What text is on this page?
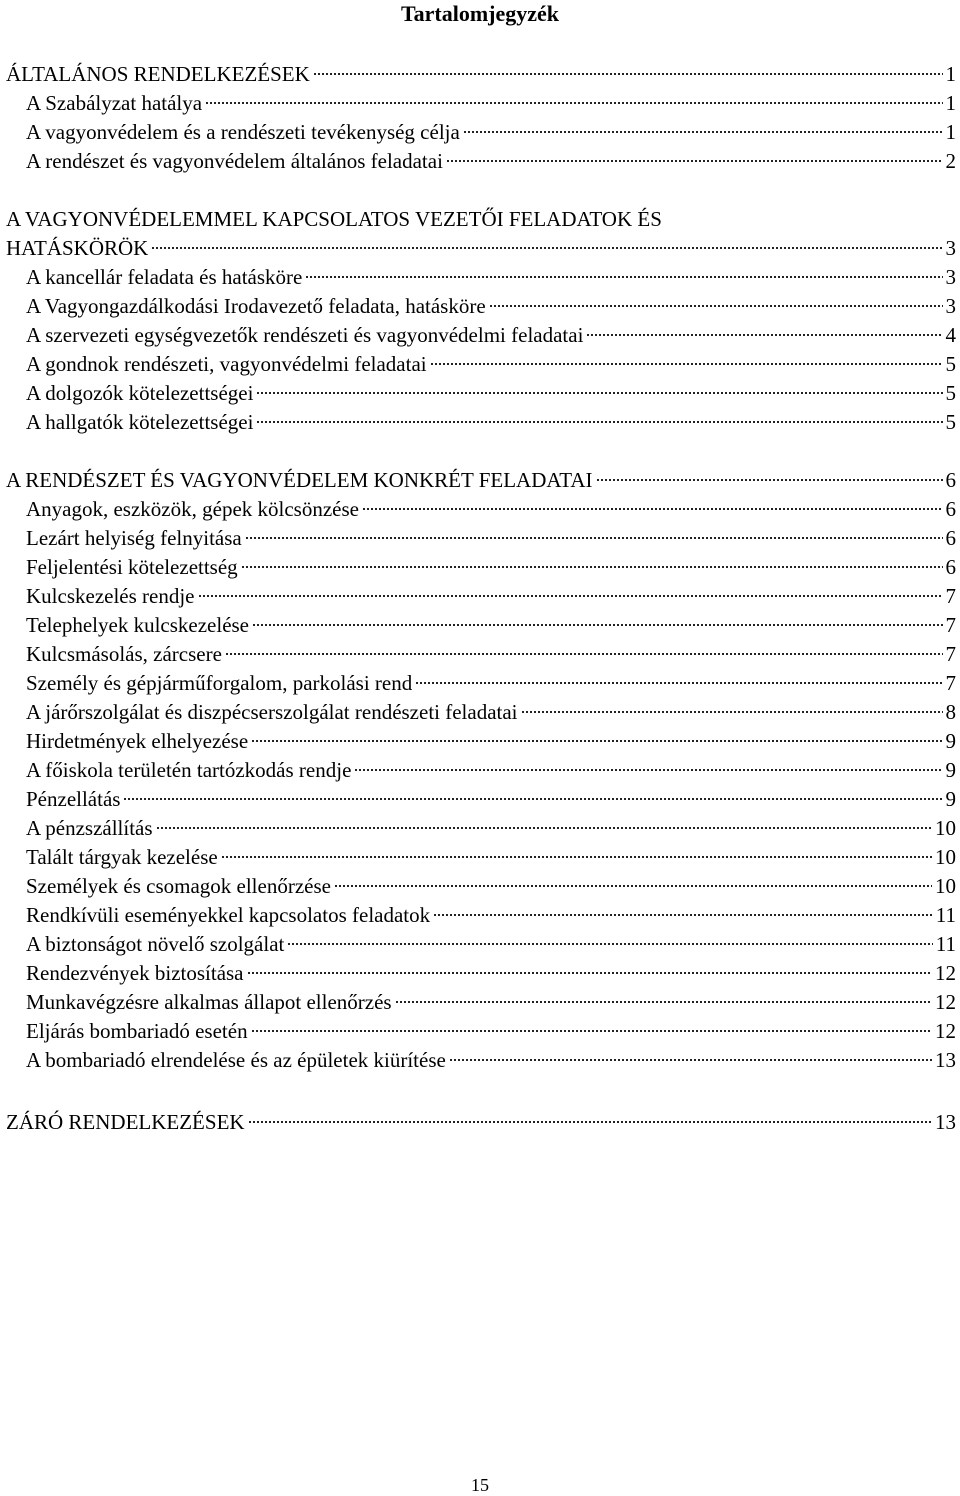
Tartalomjegyzék
ÁLTALÁNOS RENDELKEZÉSEK	1
A Szabályzat hatálya	1
A vagyonvédelem és a rendészeti tevékenység célja	1
A rendészet és vagyonvédelem általános feladatai	2
A VAGYONVÉDELEMMEL KAPCSOLATOS VEZETŐI FELADATOK ÉS
HATÁSKÖRÖK	3
A kancellár feladata és hatásköre	3
A Vagyongazdálkodási Irodavezető feladata, hatásköre	3
A szervezeti egységvezetők rendészeti és vagyonvédelmi feladatai	4
A gondnok rendészeti, vagyonvédelmi feladatai	5
A dolgozók kötelezettségei	5
A hallgatók kötelezettségei	5
A RENDÉSZET ÉS VAGYONVÉDELEM KONKRÉT FELADATAI	6
Anyagok, eszközök, gépek kölcsönzése	6
Lezárt helyiség felnyitása	6
Feljelentési kötelezettség	6
Kulcskezelés rendje	7
Telephelyek kulcskezelése	7
Kulcsmásolás, zárcsere	7
Személy és gépjárműforgalom, parkolási rend	7
A járőrszolgálat és diszpécserszolgálat rendészeti feladatai	8
Hirdetmények elhelyezése	9
A főiskola területén tartózkodás rendje	9
Pénzellátás	9
A pénzszállítás	10
Talált tárgyak kezelése	10
Személyek és csomagok ellenőrzése	10
Rendkívüli eseményekkel kapcsolatos feladatok	11
A biztonságot növelő szolgálat	11
Rendezvények biztosítása	12
Munkavégzésre alkalmas állapot ellenőrzés	12
Eljárás bombariadó esetén	12
A bombariadó elrendelése és az épületek kiürítése	13
ZÁRÓ RENDELKEZÉSEK	13
15
